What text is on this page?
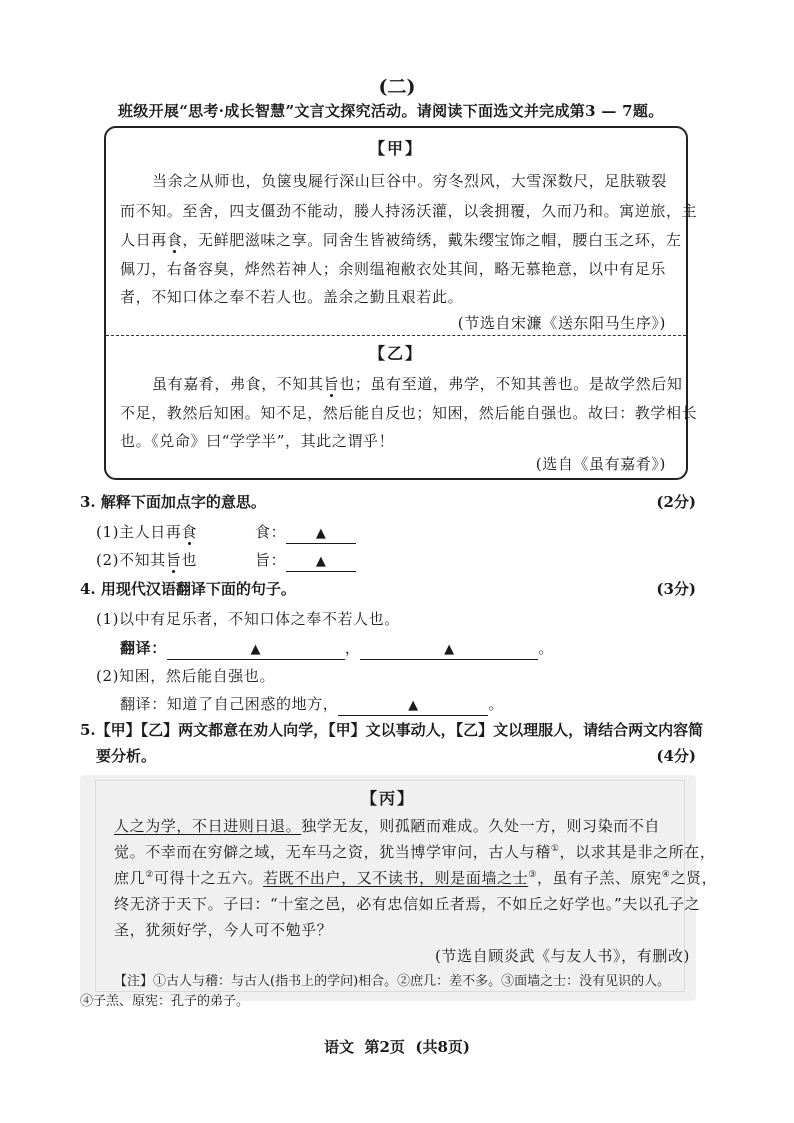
(二)
班级开展“思考·成长智慧”文言文探究活动。请阅读下面选文并完成第3 — 7题。
【甲】
当余之从师也，负箧曳屣行深山巨谷中。穷冬烈风，大雪深数尺，足肤皲裂
而不知。至舍，四支僵劲不能动，媵人持汤沃灌，以衾拥覆，久而乃和。寓逆旅，主
人日再食，无鲜肥滋味之享。同舍生皆被绮绣，戴朱缨宝饰之帽，腰白玉之环，左
佩刀，右备容臭，烨然若神人；余则缊袍敝衣处其间，略无慕艳意，以中有足乐
者，不知口体之奉不若人也。盖余之勤且艰若此。
(节选自宋濂《送东阳马生序》)
【乙】
虽有嘉肴，弗食，不知其旨也；虽有至道，弗学，不知其善也。是故学然后知
不足，教然后知困。知不足，然后能自反也；知困，然后能自强也。故曰：教学相长
也。《兑命》曰“学学半”，其此之谓乎！
(选自《虽有嘉肴》)
3. 解释下面加点字的意思。	(2分)
(1)主人日再食	食： ▲
(2)不知其旨也	旨： ▲
4. 用现代汉语翻译下面的句子。	(3分)
(1)以中有足乐者，不知口体之奉不若人也。
翻译：	▲	，	▲	。
(2)知困，然后能自强也。
翻译：知道了自己困惑的地方，	▲	。
5.【甲】【乙】两文都意在劝人向学，【甲】文以事动人，【乙】文以理服人，请结合两文内容简
要分析。	(4分)
【丙】
人之为学，不日进则日退。独学无友，则孤陋而难成。久处一方，则习染而不自
觉。不幸而在穷僻之域，无车马之资，犹当博学审问，古人与稽①，以求其是非之所在，
庶几②可得十之五六。若既不出户，又不读书，则是面墙之士③，虽有子羔、原宪④之贤，
终无济于天下。子曰：“十室之邑，必有忠信如丘者焉，不如丘之好学也。”夫以孔子之
圣，犹须好学，今人可不勉乎？
(节选自顾炎武《与友人书》，有删改)
【注】①古人与稽：与古人(指书上的学问)相合。②庶几：差不多。③面墙之士：没有见识的人。
④子羔、原宪：孔子的弟子。
语文  第2页  (共8页)
